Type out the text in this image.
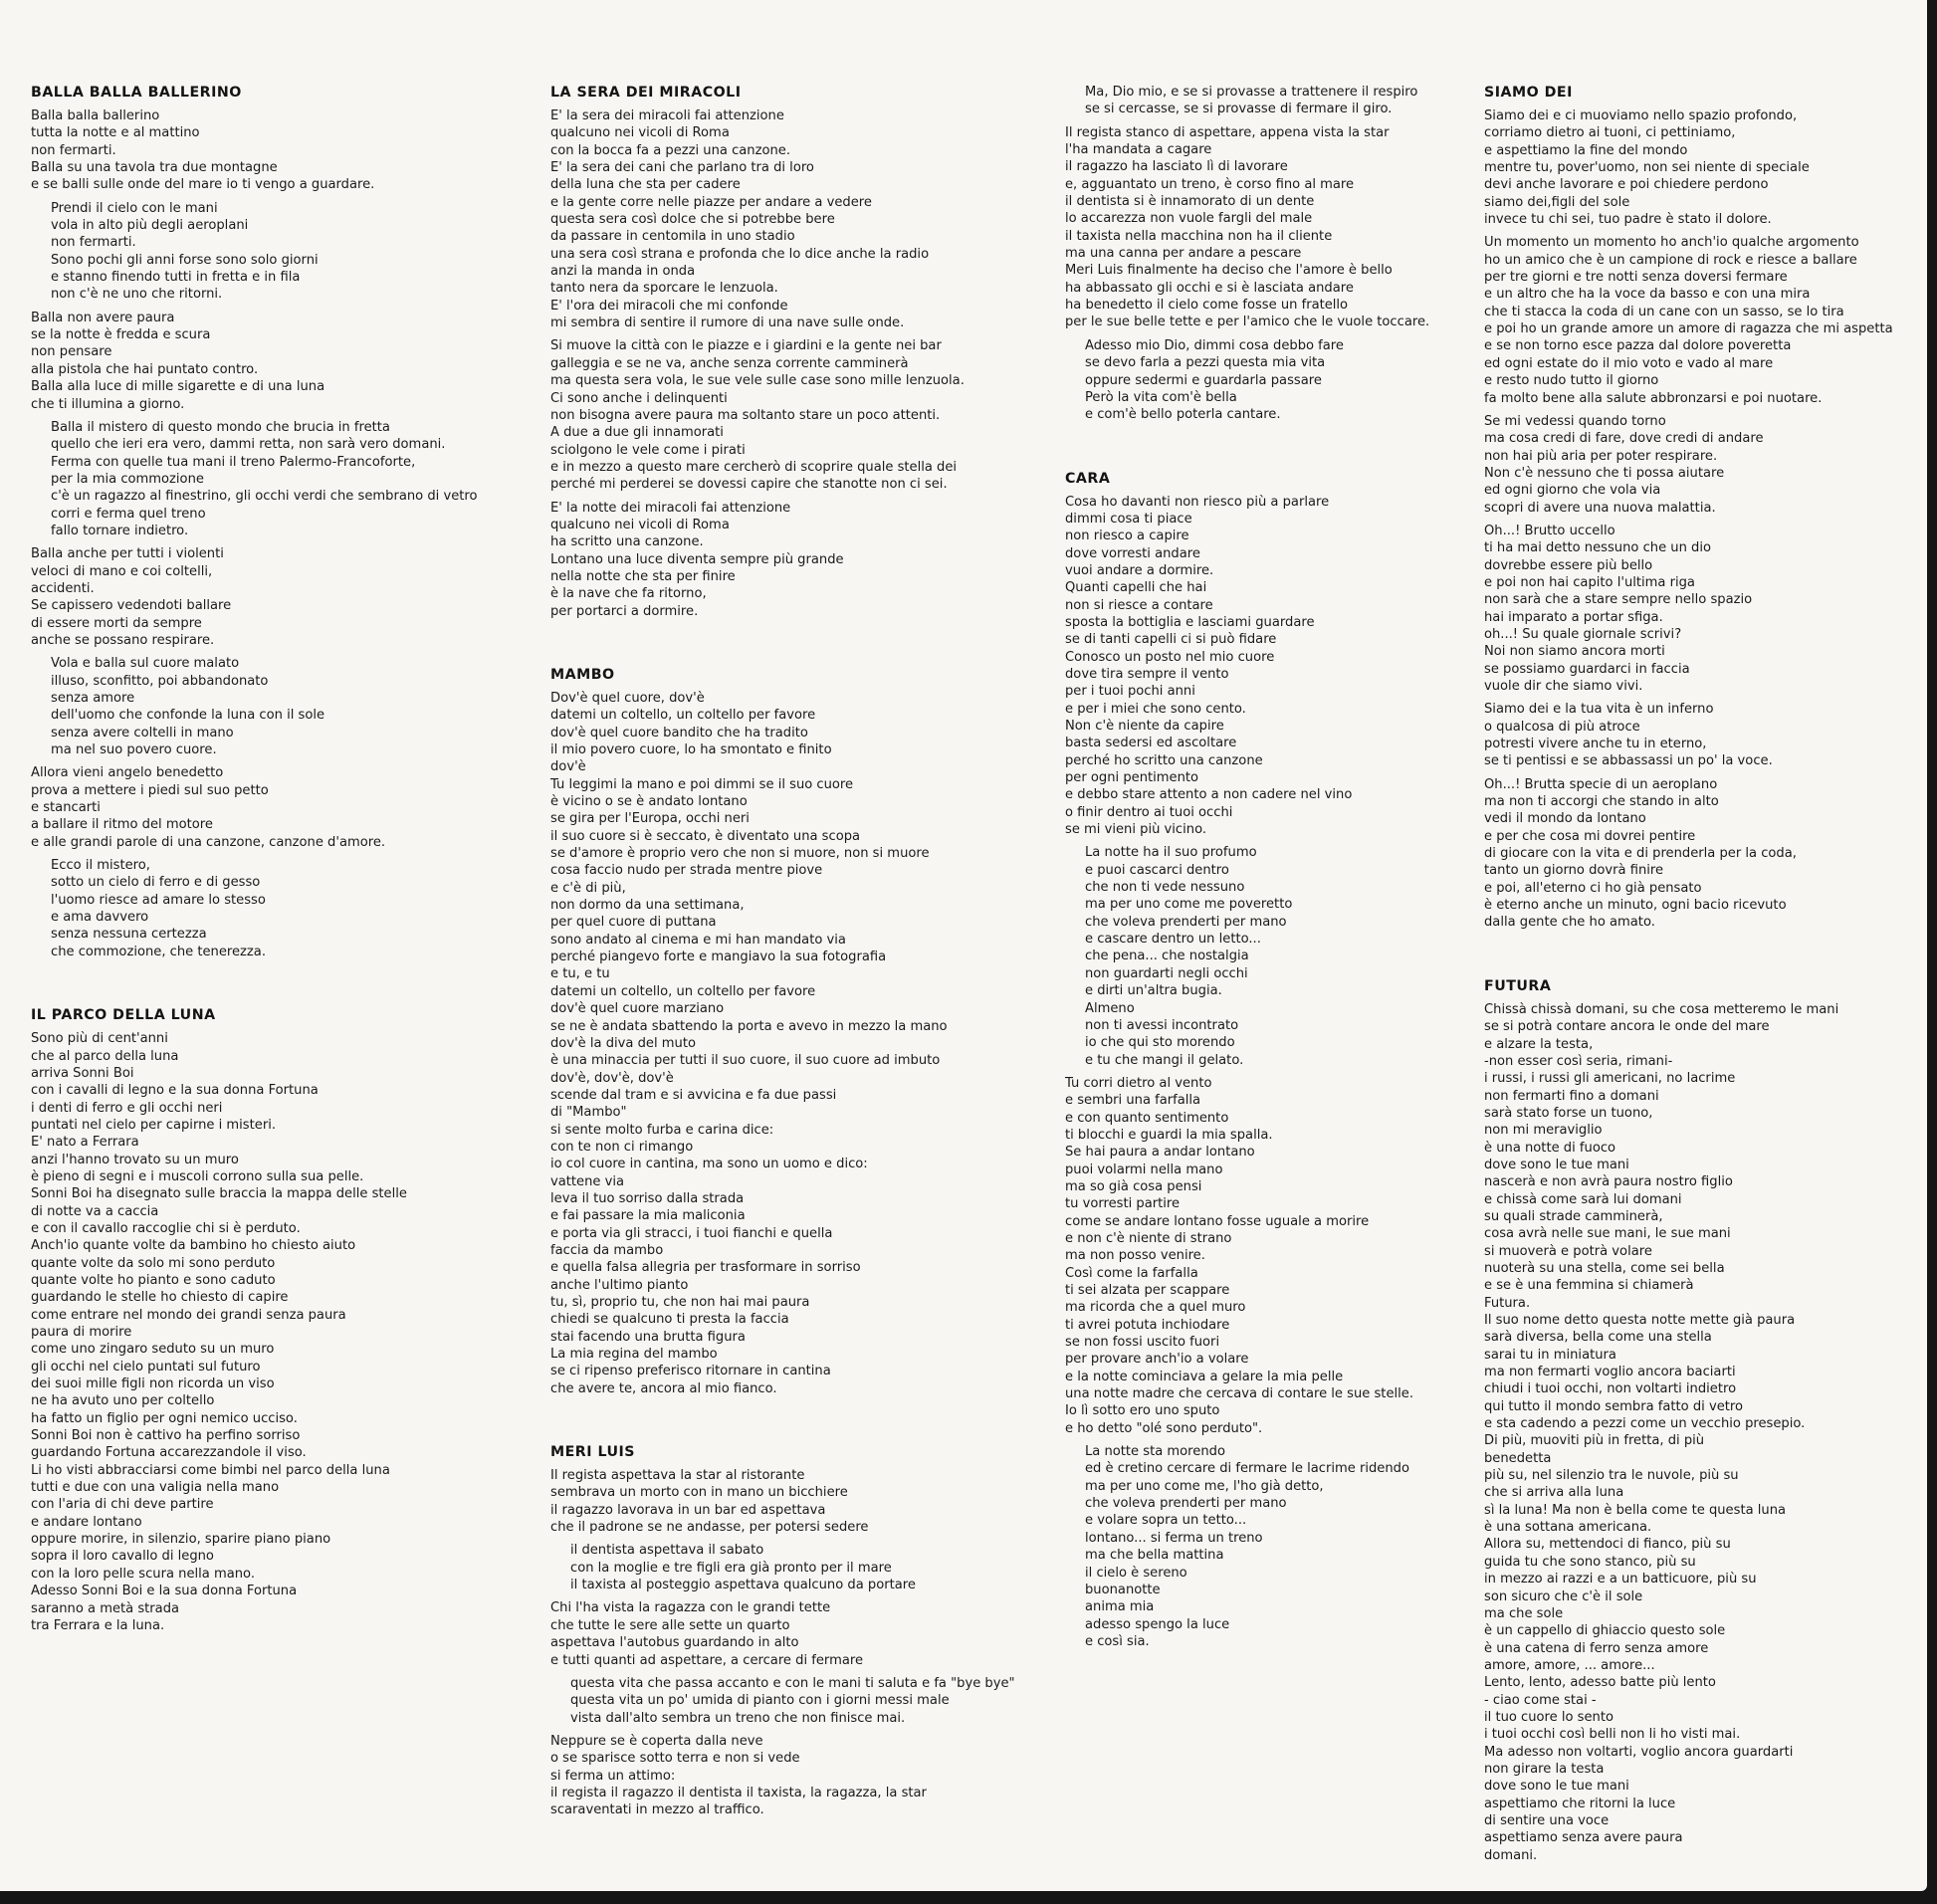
BALLA BALLA BALLERINO
Balla balla ballerino
tutta la notte e al mattino
non fermarti.
Balla su una tavola tra due montagne
e se balli sulle onde del mare io ti vengo a guardare.
Prendi il cielo con le mani
vola in alto più degli aeroplani
non fermarti.
Sono pochi gli anni forse sono solo giorni
e stanno finendo tutti in fretta e in fila
non c'è ne uno che ritorni.
Balla non avere paura
se la notte è fredda e scura
non pensare
alla pistola che hai puntato contro.
Balla alla luce di mille sigarette e di una luna
che ti illumina a giorno.
Balla il mistero di questo mondo che brucia in fretta
quello che ieri era vero, dammi retta, non sarà vero domani.
Ferma con quelle tua mani il treno Palermo-Francoforte,
per la mia commozione
c'è un ragazzo al finestrino, gli occhi verdi che sembrano di vetro
corri e ferma quel treno
fallo tornare indietro.
Balla anche per tutti i violenti
veloci di mano e coi coltelli,
accidenti.
Se capissero vedendoti ballare
di essere morti da sempre
anche se possano respirare.
Vola e balla sul cuore malato
illuso, sconfitto, poi abbandonato
senza amore
dell'uomo che confonde la luna con il sole
senza avere coltelli in mano
ma nel suo povero cuore.
Allora vieni angelo benedetto
prova a mettere i piedi sul suo petto
e stancarti
a ballare il ritmo del motore
e alle grandi parole di una canzone, canzone d'amore.
Ecco il mistero,
sotto un cielo di ferro e di gesso
l'uomo riesce ad amare lo stesso
e ama davvero
senza nessuna certezza
che commozione, che tenerezza.
IL PARCO DELLA LUNA
Sono più di cent'anni
che al parco della luna
arriva Sonni Boi
con i cavalli di legno e la sua donna Fortuna
i denti di ferro e gli occhi neri
puntati nel cielo per capirne i misteri.
E' nato a Ferrara
anzi l'hanno trovato su un muro
è pieno di segni e i muscoli corrono sulla sua pelle.
Sonni Boi ha disegnato sulle braccia la mappa delle stelle
di notte va a caccia
e con il cavallo raccoglie chi si è perduto.
Anch'io quante volte da bambino ho chiesto aiuto
quante volte da solo mi sono perduto
quante volte ho pianto e sono caduto
guardando le stelle ho chiesto di capire
come entrare nel mondo dei grandi senza paura
paura di morire
come uno zingaro seduto su un muro
gli occhi nel cielo puntati sul futuro
dei suoi mille figli non ricorda un viso
ne ha avuto uno per coltello
ha fatto un figlio per ogni nemico ucciso.
Sonni Boi non è cattivo ha perfino sorriso
guardando Fortuna accarezzandole il viso.
Li ho visti abbracciarsi come bimbi nel parco della luna
tutti e due con una valigia nella mano
con l'aria di chi deve partire
e andare lontano
oppure morire, in silenzio, sparire piano piano
sopra il loro cavallo di legno
con la loro pelle scura nella mano.
Adesso Sonni Boi e la sua donna Fortuna
saranno a metà strada
tra Ferrara e la luna.
LA SERA DEI MIRACOLI
E' la sera dei miracoli fai attenzione
qualcuno nei vicoli di Roma
con la bocca fa a pezzi una canzone.
E' la sera dei cani che parlano tra di loro
della luna che sta per cadere
e la gente corre nelle piazze per andare a vedere
questa sera così dolce che si potrebbe bere
da passare in centomila in uno stadio
una sera così strana e profonda che lo dice anche la radio
anzi la manda in onda
tanto nera da sporcare le lenzuola.
E' l'ora dei miracoli che mi confonde
mi sembra di sentire il rumore di una nave sulle onde.
Si muove la città con le piazze e i giardini e la gente nei bar
galleggia e se ne va, anche senza corrente camminerà
ma questa sera vola, le sue vele sulle case sono mille lenzuola.
Ci sono anche i delinquenti
non bisogna avere paura ma soltanto stare un poco attenti.
A due a due gli innamorati
sciolgono le vele come i pirati
e in mezzo a questo mare cercherò di scoprire quale stella dei
perché mi perderei se dovessi capire che stanotte non ci sei.
E' la notte dei miracoli fai attenzione
qualcuno nei vicoli di Roma
ha scritto una canzone.
Lontano una luce diventa sempre più grande
nella notte che sta per finire
è la nave che fa ritorno,
per portarci a dormire.
MAMBO
Dov'è quel cuore, dov'è
datemi un coltello, un coltello per favore
dov'è quel cuore bandito che ha tradito
il mio povero cuore, lo ha smontato e finito
dov'è
Tu leggimi la mano e poi dimmi se il suo cuore
è vicino o se è andato lontano
se gira per l'Europa, occhi neri
il suo cuore si è seccato, è diventato una scopa
se d'amore è proprio vero che non si muore, non si muore
cosa faccio nudo per strada mentre piove
e c'è di più,
non dormo da una settimana,
per quel cuore di puttana
sono andato al cinema e mi han mandato via
perché piangevo forte e mangiavo la sua fotografia
e tu, e tu
datemi un coltello, un coltello per favore
dov'è quel cuore marziano
se ne è andata sbattendo la porta e avevo in mezzo la mano
dov'è la diva del muto
è una minaccia per tutti il suo cuore, il suo cuore ad imbuto
dov'è, dov'è, dov'è
scende dal tram e si avvicina e fa due passi
di "Mambo"
si sente molto furba e carina dice:
con te non ci rimango
io col cuore in cantina, ma sono un uomo e dico:
vattene via
leva il tuo sorriso dalla strada
e fai passare la mia maliconia
e porta via gli stracci, i tuoi fianchi e quella
faccia da mambo
e quella falsa allegria per trasformare in sorriso
anche l'ultimo pianto
tu, sì, proprio tu, che non hai mai paura
chiedi se qualcuno ti presta la faccia
stai facendo una brutta figura
La mia regina del mambo
se ci ripenso preferisco ritornare in cantina
che avere te, ancora al mio fianco.
MERI LUIS
Il regista aspettava la star al ristorante
sembrava un morto con in mano un bicchiere
il ragazzo lavorava in un bar ed aspettava
che il padrone se ne andasse, per potersi sedere
il dentista aspettava il sabato
con la moglie e tre figli era già pronto per il mare
il taxista al posteggio aspettava qualcuno da portare
Chi l'ha vista la ragazza con le grandi tette
che tutte le sere alle sette un quarto
aspettava l'autobus guardando in alto
e tutti quanti ad aspettare, a cercare di fermare
questa vita che passa accanto e con le mani ti saluta e fa "bye bye"
questa vita un po' umida di pianto con i giorni messi male
vista dall'alto sembra un treno che non finisce mai.
Neppure se è coperta dalla neve
o se sparisce sotto terra e non si vede
si ferma un attimo:
il regista il ragazzo il dentista il taxista, la ragazza, la star
scaraventati in mezzo al traffico.
Ma, Dio mio, e se si provasse a trattenere il respiro
se si cercasse, se si provasse di fermare il giro.
Il regista stanco di aspettare, appena vista la star
l'ha mandata a cagare
il ragazzo ha lasciato lì di lavorare
e, agguantato un treno, è corso fino al mare
il dentista si è innamorato di un dente
lo accarezza non vuole fargli del male
il taxista nella macchina non ha il cliente
ma una canna per andare a pescare
Meri Luis finalmente ha deciso che l'amore è bello
ha abbassato gli occhi e si è lasciata andare
ha benedetto il cielo come fosse un fratello
per le sue belle tette e per l'amico che le vuole toccare.
Adesso mio Dio, dimmi cosa debbo fare
se devo farla a pezzi questa mia vita
oppure sedermi e guardarla passare
Però la vita com'è bella
e com'è bello poterla cantare.
CARA
Cosa ho davanti non riesco più a parlare
dimmi cosa ti piace
non riesco a capire
dove vorresti andare
vuoi andare a dormire.
Quanti capelli che hai
non si riesce a contare
sposta la bottiglia e lasciami guardare
se di tanti capelli ci si può fidare
Conosco un posto nel mio cuore
dove tira sempre il vento
per i tuoi pochi anni
e per i miei che sono cento.
Non c'è niente da capire
basta sedersi ed ascoltare
perché ho scritto una canzone
per ogni pentimento
e debbo stare attento a non cadere nel vino
o finir dentro ai tuoi occhi
se mi vieni più vicino.
La notte ha il suo profumo
e puoi cascarci dentro
che non ti vede nessuno
ma per uno come me poveretto
che voleva prenderti per mano
e cascare dentro un letto...
che pena... che nostalgia
non guardarti negli occhi
e dirti un'altra bugia.
Almeno
non ti avessi incontrato
io che qui sto morendo
e tu che mangi il gelato.
Tu corri dietro al vento
e sembri una farfalla
e con quanto sentimento
ti blocchi e guardi la mia spalla.
Se hai paura a andar lontano
puoi volarmi nella mano
ma so già cosa pensi
tu vorresti partire
come se andare lontano fosse uguale a morire
e non c'è niente di strano
ma non posso venire.
Così come la farfalla
ti sei alzata per scappare
ma ricorda che a quel muro
ti avrei potuta inchiodare
se non fossi uscito fuori
per provare anch'io a volare
e la notte cominciava a gelare la mia pelle
una notte madre che cercava di contare le sue stelle.
Io lì sotto ero uno sputo
e ho detto "olé sono perduto".
La notte sta morendo
ed è cretino cercare di fermare le lacrime ridendo
ma per uno come me, l'ho già detto,
che voleva prenderti per mano
e volare sopra un tetto...
lontano... si ferma un treno
ma che bella mattina
il cielo è sereno
buonanotte
anima mia
adesso spengo la luce
e così sia.
SIAMO DEI
Siamo dei e ci muoviamo nello spazio profondo,
corriamo dietro ai tuoni, ci pettiniamo,
e aspettiamo la fine del mondo
mentre tu, pover'uomo, non sei niente di speciale
devi anche lavorare e poi chiedere perdono
siamo dei,figli del sole
invece tu chi sei, tuo padre è stato il dolore.
Un momento un momento ho anch'io qualche argomento
ho un amico che è un campione di rock e riesce a ballare
per tre giorni e tre notti senza doversi fermare
e un altro che ha la voce da basso e con una mira
che ti stacca la coda di un cane con un sasso, se lo tira
e poi ho un grande amore un amore di ragazza che mi aspetta
e se non torno esce pazza dal dolore poveretta
ed ogni estate do il mio voto e vado al mare
e resto nudo tutto il giorno
fa molto bene alla salute abbronzarsi e poi nuotare.
Se mi vedessi quando torno
ma cosa credi di fare, dove credi di andare
non hai più aria per poter respirare.
Non c'è nessuno che ti possa aiutare
ed ogni giorno che vola via
scopri di avere una nuova malattia.
Oh...! Brutto uccello
ti ha mai detto nessuno che un dio
dovrebbe essere più bello
e poi non hai capito l'ultima riga
non sarà che a stare sempre nello spazio
hai imparato a portar sfiga.
oh...! Su quale giornale scrivi?
Noi non siamo ancora morti
se possiamo guardarci in faccia
vuole dir che siamo vivi.
Siamo dei e la tua vita è un inferno
o qualcosa di più atroce
potresti vivere anche tu in eterno,
se ti pentissi e se abbassassi un po' la voce.
Oh...! Brutta specie di un aeroplano
ma non ti accorgi che stando in alto
vedi il mondo da lontano
e per che cosa mi dovrei pentire
di giocare con la vita e di prenderla per la coda,
tanto un giorno dovrà finire
e poi, all'eterno ci ho già pensato
è eterno anche un minuto, ogni bacio ricevuto
dalla gente che ho amato.
FUTURA
Chissà chissà domani, su che cosa metteremo le mani
se si potrà contare ancora le onde del mare
e alzare la testa,
-non esser così seria, rimani-
i russi, i russi gli americani, no lacrime
non fermarti fino a domani
sarà stato forse un tuono,
non mi meraviglio
è una notte di fuoco
dove sono le tue mani
nascerà e non avrà paura nostro figlio
e chissà come sarà lui domani
su quali strade camminerà,
cosa avrà nelle sue mani, le sue mani
si muoverà e potrà volare
nuoterà su una stella, come sei bella
e se è una femmina si chiamerà
Futura.
Il suo nome detto questa notte mette già paura
sarà diversa, bella come una stella
sarai tu in miniatura
ma non fermarti voglio ancora baciarti
chiudi i tuoi occhi, non voltarti indietro
qui tutto il mondo sembra fatto di vetro
e sta cadendo a pezzi come un vecchio presepio.
Di più, muoviti più in fretta, di più
benedetta
più su, nel silenzio tra le nuvole, più su
che si arriva alla luna
sì la luna! Ma non è bella come te questa luna
è una sottana americana.
Allora su, mettendoci di fianco, più su
guida tu che sono stanco, più su
in mezzo ai razzi e a un batticuore, più su
son sicuro che c'è il sole
ma che sole
è un cappello di ghiaccio questo sole
è una catena di ferro senza amore
amore, amore, ... amore...
Lento, lento, adesso batte più lento
- ciao come stai -
il tuo cuore lo sento
i tuoi occhi così belli non li ho visti mai.
Ma adesso non voltarti, voglio ancora guardarti
non girare la testa
dove sono le tue mani
aspettiamo che ritorni la luce
di sentire una voce
aspettiamo senza avere paura
domani.
